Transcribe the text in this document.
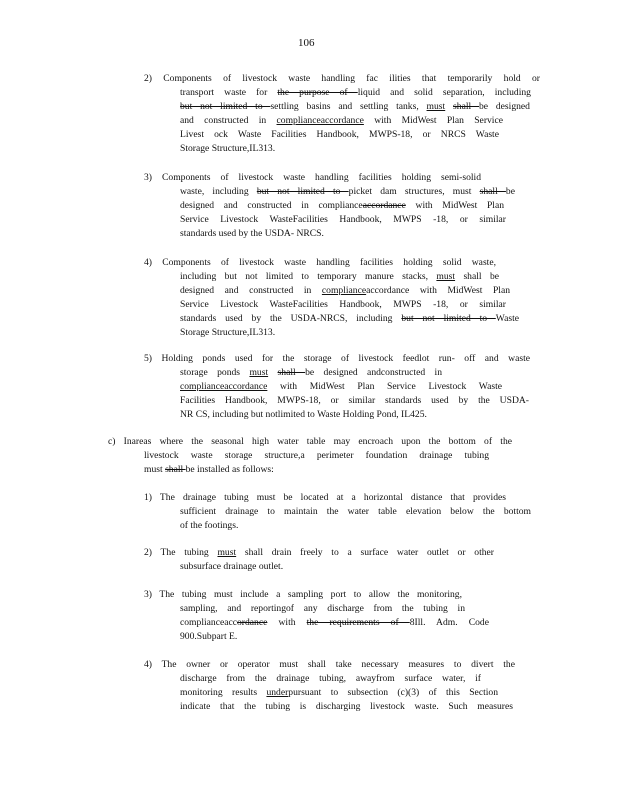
106
2) Components of livestock waste handling fac ilities that temporarily hold or
transport waste for the purpose of liquid and solid separation, including
but not limited to settling basins and settling tanks, must shall be designed
and constructed in complianceaccordance with MidWest Plan Service
Livest ock Waste Facilities Handbook, MWPS-18, or NRCS Waste
Storage Structure,IL313.
3) Components of livestock waste handling facilities holding semi-solid
waste, including but not limited to picket dam structures, must shall be
designed and constructed in complianceaccordance with MidWest Plan
Service Livestock WasteFacilities Handbook, MWPS -18, or similar
standards used by the USDA- NRCS.
4) Components of livestock waste handling facilities holding solid waste,
including but not limited to temporary manure stacks, must shall be
designed and constructed in complianceaccordance with MidWest Plan
Service Livestock WasteFacilities Handbook, MWPS -18, or similar
standards used by the USDA-NRCS, including but not limited to Waste
Storage Structure,IL313.
5) Holding ponds used for the storage of livestock feedlot run- off and waste
storage ponds must shall be designed andconstructed in
complianceaccordance with MidWest Plan Service Livestock Waste
Facilities Handbook, MWPS-18, or similar standards used by the USDA-
NR CS, including but notlimited to Waste Holding Pond, IL425.
c) Inareas where the seasonal high water table may encroach upon the bottom of the
livestock waste storage structure,a perimeter foundation drainage tubing
must shall be installed as follows:
1) The drainage tubing must be located at a horizontal distance that provides
sufficient drainage to maintain the water table elevation below the bottom
of the footings.
2) The tubing must shall drain freely to a surface water outlet or other
subsurface drainage outlet.
3) The tubing must include a sampling port to allow the monitoring,
sampling, and reportingof any discharge from the tubing in
complianceaccordance with the requirements of 8Ill. Adm. Code
900.Subpart E.
4) The owner or operator must shall take necessary measures to divert the
discharge from the drainage tubing, awayfrom surface water, if
monitoring results underpursuant to subsection (c)(3) of this Section
indicate that the tubing is discharging livestock waste. Such measures
